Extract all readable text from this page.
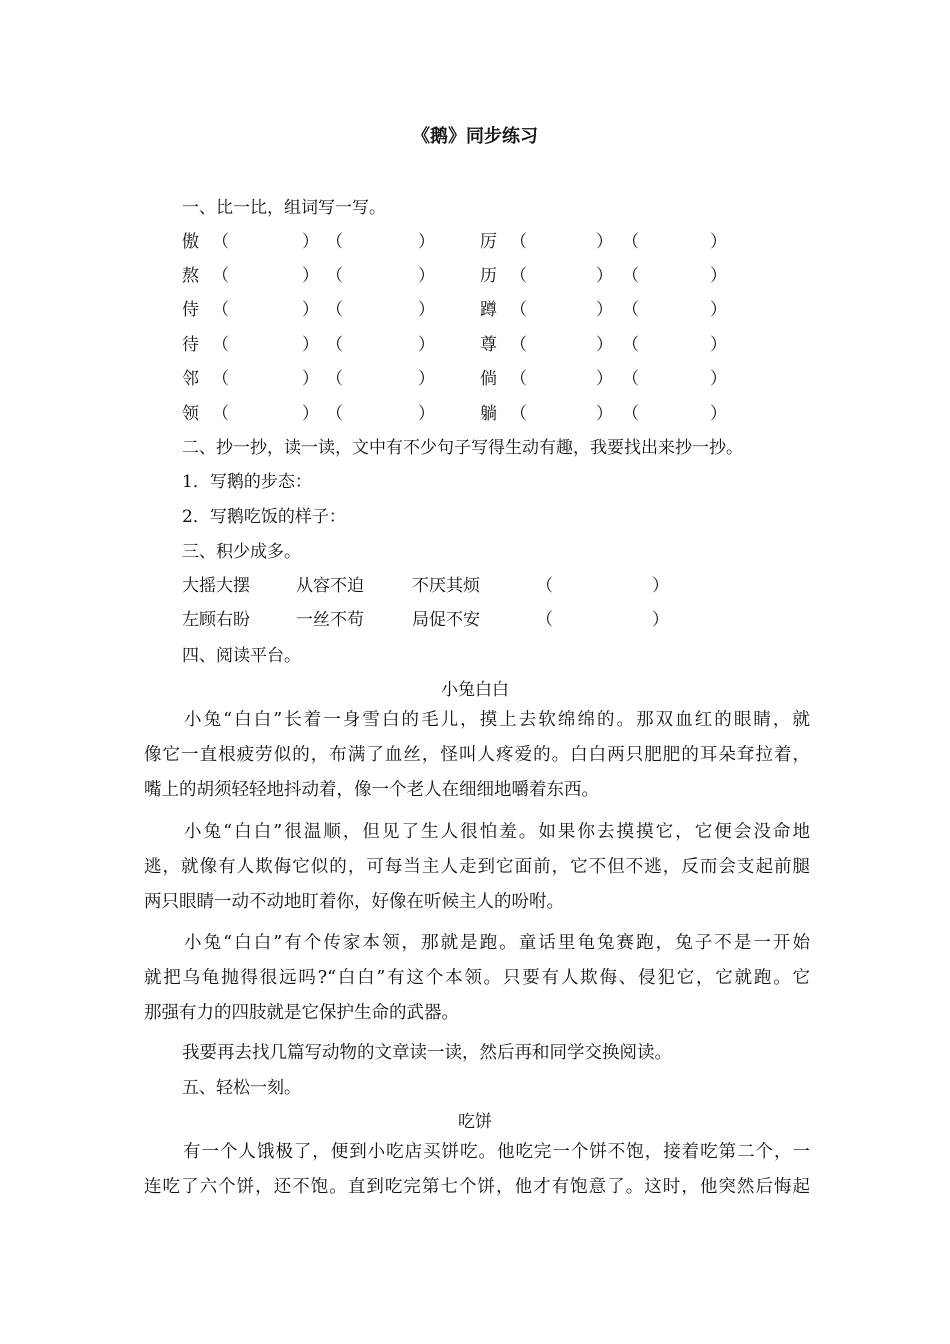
《鹅》同步练习
一、比一比，组词写一写。
傲 （	） （	）	厉 （	） （	）
熬 （	） （	）	历 （	） （	）
侍 （	） （	）	蹲 （	） （	）
待 （	） （	）	尊 （	） （	）
邻 （	） （	）	倘 （	） （	）
领 （	） （	）	躺 （	） （	）
二、抄一抄，读一读，文中有不少句子写得生动有趣，我要找出来抄一抄。
1．写鹅的步态：
2．写鹅吃饭的样子：
三、积少成多。
大摇大摆	从容不迫	不厌其烦	（	）
左顾右盼	一丝不苟	局促不安	（	）
四、阅读平台。
小兔白白
小兔“白白”长着一身雪白的毛儿，摸上去软绵绵的。那双血红的眼睛，就
像它一直根疲劳似的，布满了血丝，怪叫人疼爱的。白白两只肥肥的耳朵耷拉着，
嘴上的胡须轻轻地抖动着，像一个老人在细细地嚼着东西。
小兔“白白”很温顺，但见了生人很怕羞。如果你去摸摸它，它便会没命地
逃，就像有人欺侮它似的，可每当主人走到它面前，它不但不逃，反而会支起前腿
两只眼睛一动不动地盯着你，好像在听候主人的吩咐。
小兔“白白”有个传家本领，那就是跑。童话里龟兔赛跑，兔子不是一开始
就把乌龟抛得很远吗?“白白”有这个本领。只要有人欺侮、侵犯它，它就跑。它
那强有力的四肢就是它保护生命的武器。
我要再去找几篇写动物的文章读一读，然后再和同学交换阅读。
五、轻松一刻。
吃饼
有一个人饿极了，便到小吃店买饼吃。他吃完一个饼不饱，接着吃第二个，一
连吃了六个饼，还不饱。直到吃完第七个饼，他才有饱意了。这时，他突然后悔起
